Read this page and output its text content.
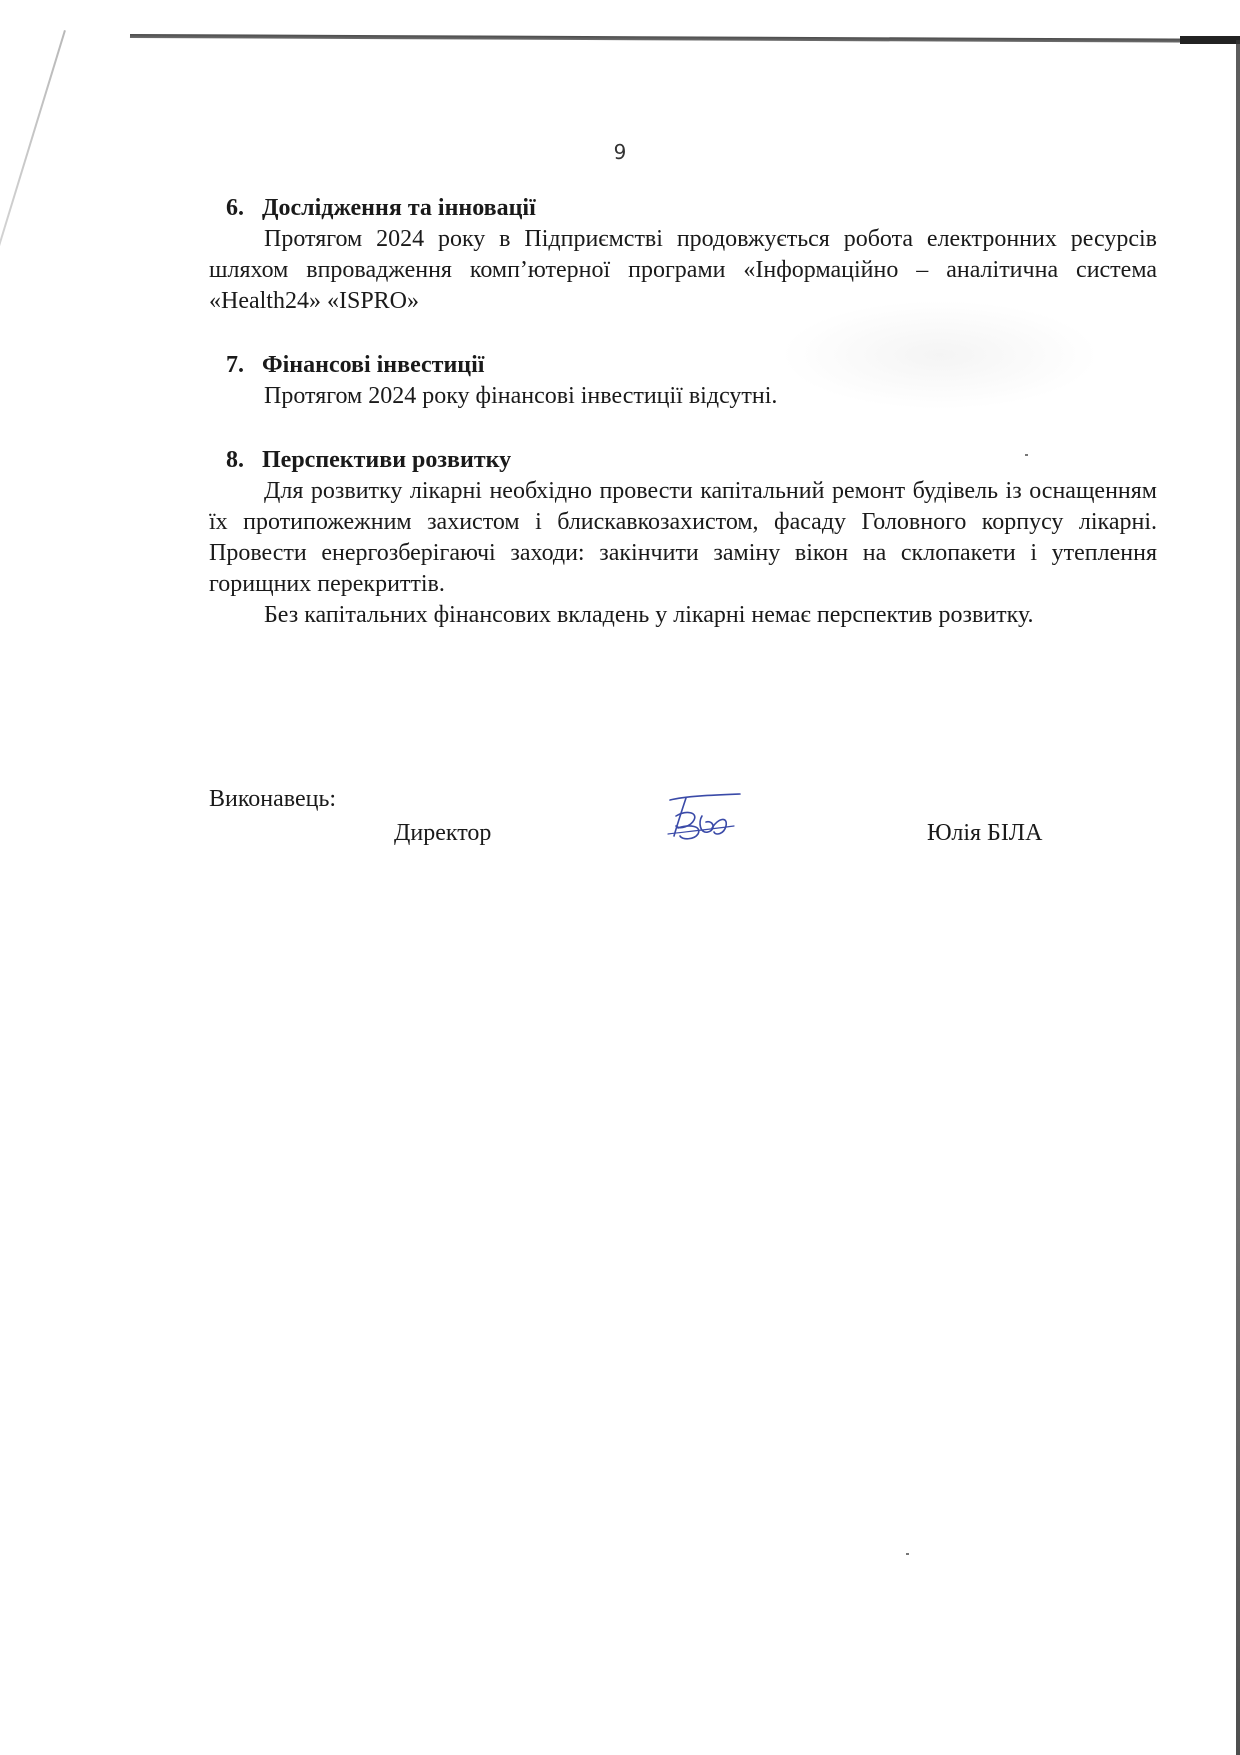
9
6. Дослідження та інновації

Протягом 2024 року в Підприємстві продовжується робота електронних ресурсів шляхом впровадження комп’ютерної програми «Інформаційно – аналітична система «Health24» «ISPRO»

7. Фінансові інвестиції

Протягом 2024 року фінансові інвестиції відсутні.

8. Перспективи розвитку

Для розвитку лікарні необхідно провести капітальний ремонт будівель із оснащенням їх протипожежним захистом і блискавкозахистом, фасаду Головного корпусу лікарні. Провести енергозберігаючі заходи: закінчити заміну вікон на склопакети і утеплення горищних перекриттів.

Без капітальних фінансових вкладень у лікарні немає перспектив розвитку.

Виконавець:
Директор	Юлія БІЛА
